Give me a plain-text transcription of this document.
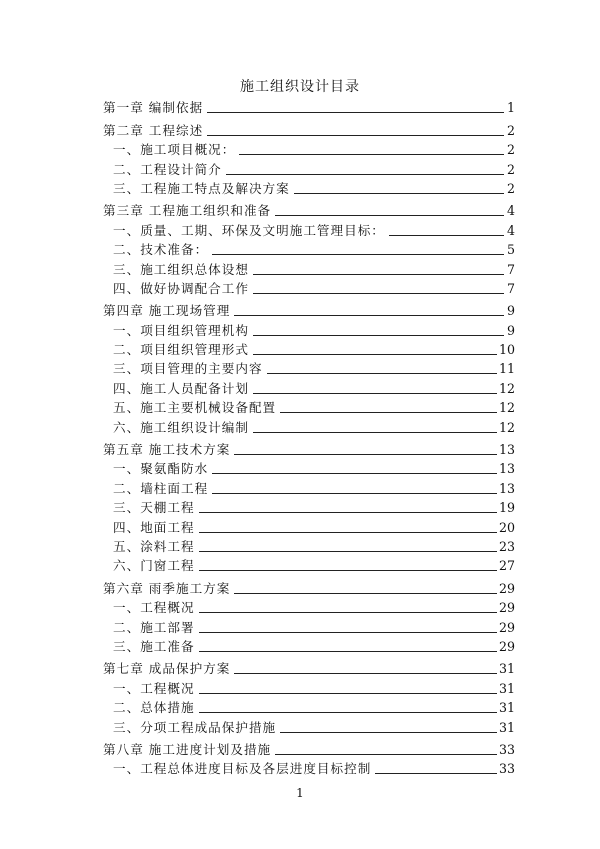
施工组织设计目录
第一章 编制依据	1
第二章 工程综述	2
一、施工项目概况：	2
二、工程设计简介	2
三、工程施工特点及解决方案	2
第三章 工程施工组织和准备	4
一、质量、工期、环保及文明施工管理目标：	4
二、技术准备：	5
三、施工组织总体设想	7
四、做好协调配合工作	7
第四章 施工现场管理	9
一、项目组织管理机构	9
二、项目组织管理形式	10
三、项目管理的主要内容	11
四、施工人员配备计划	12
五、施工主要机械设备配置	12
六、施工组织设计编制	12
第五章 施工技术方案	13
一、聚氨酯防水	13
二、墙柱面工程	13
三、天棚工程	19
四、地面工程	20
五、涂料工程	23
六、门窗工程	27
第六章 雨季施工方案	29
一、工程概况	29
二、施工部署	29
三、施工准备	29
第七章 成品保护方案	31
一、工程概况	31
二、总体措施	31
三、分项工程成品保护措施	31
第八章 施工进度计划及措施	33
一、工程总体进度目标及各层进度目标控制	33
1
